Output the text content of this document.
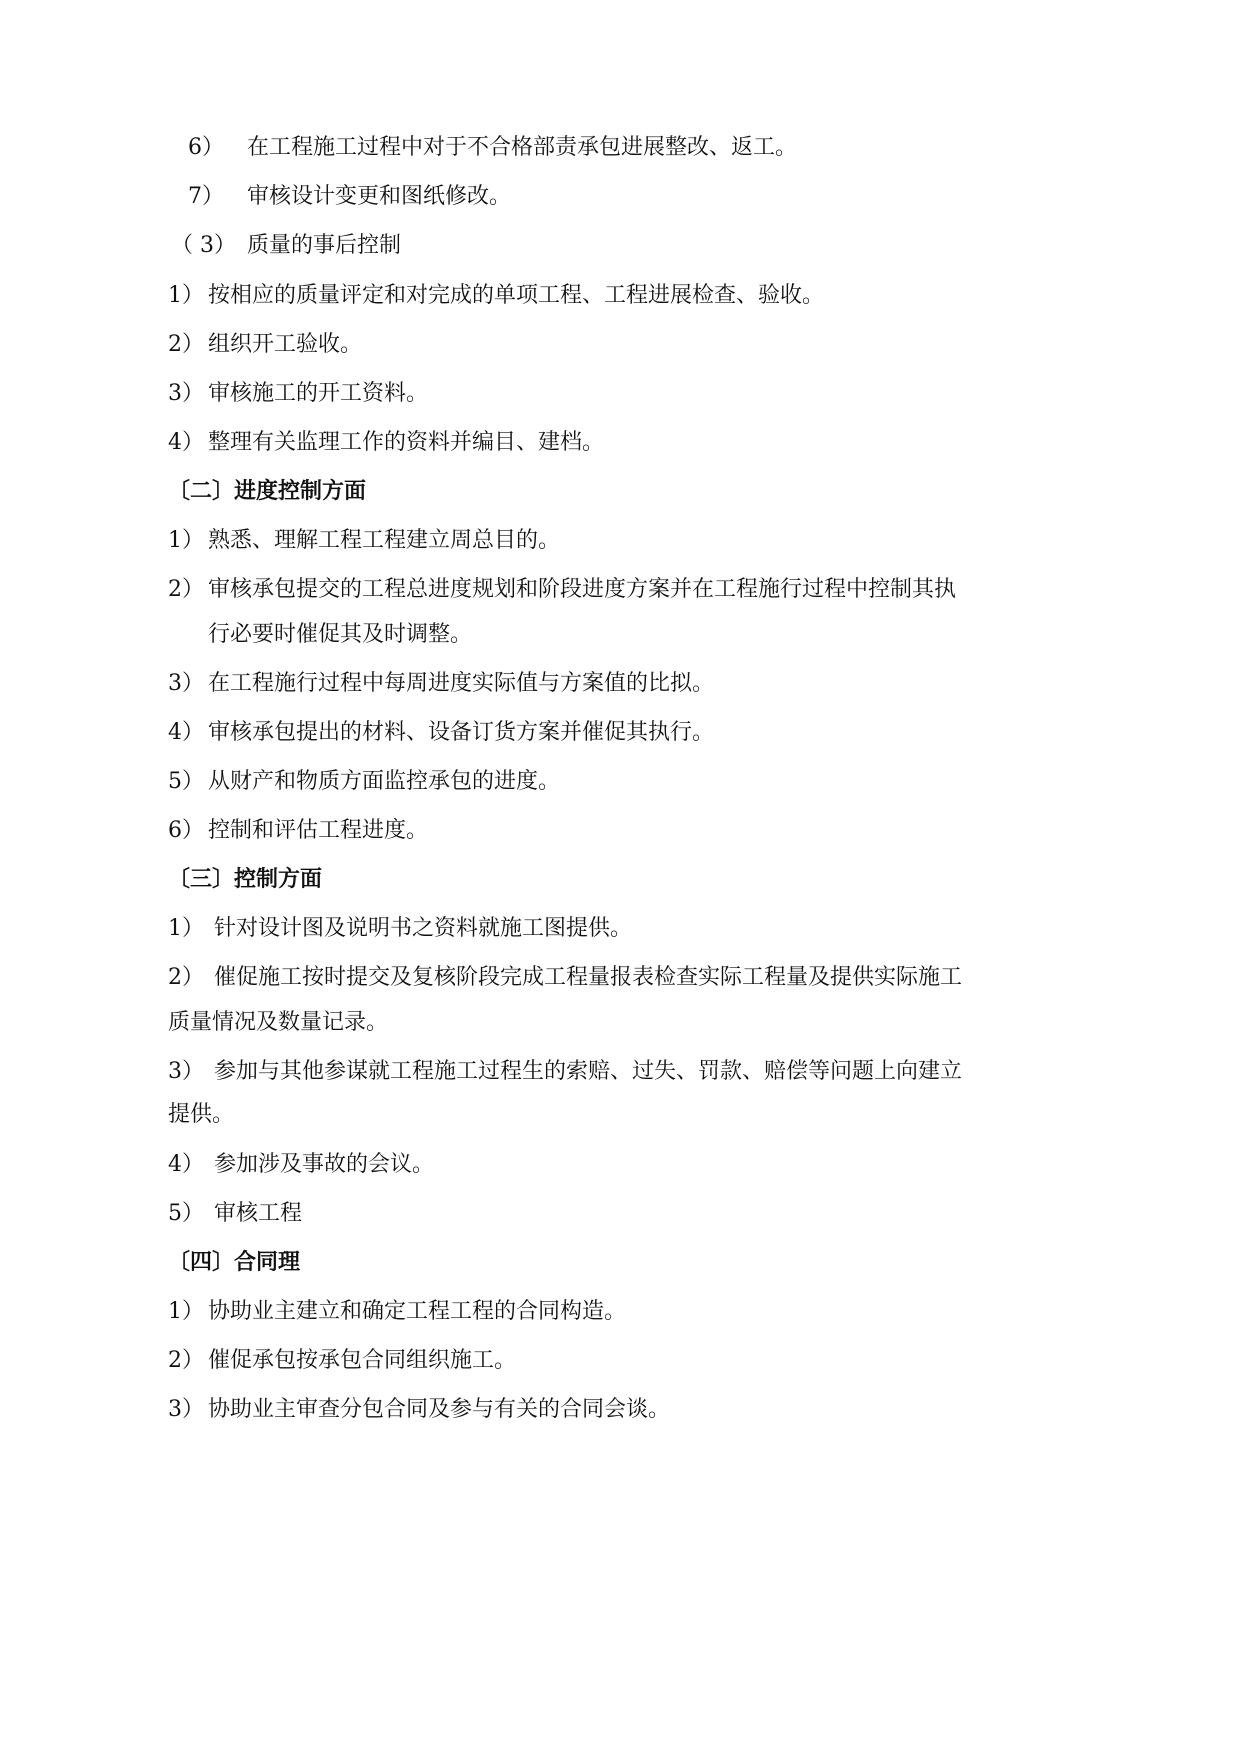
6） 在工程施工过程中对于不合格部责承包进展整改、返工。
7） 审核设计变更和图纸修改。
（ 3） 质量的事后控制
1） 按相应的质量评定和对完成的单项工程、工程进展检查、验收。
2） 组织开工验收。
3） 审核施工的开工资料。
4） 整理有关监理工作的资料并编目、建档。
〔二〕进度控制方面
1） 熟悉、理解工程工程建立周总目的。
2） 审核承包提交的工程总进度规划和阶段进度方案并在工程施行过程中控制其执
行必要时催促其及时调整。
3） 在工程施行过程中每周进度实际值与方案值的比拟。
4） 审核承包提出的材料、设备订货方案并催促其执行。
5） 从财产和物质方面监控承包的进度。
6） 控制和评估工程进度。
〔三〕控制方面
1） 针对设计图及说明书之资料就施工图提供。
2） 催促施工按时提交及复核阶段完成工程量报表检查实际工程量及提供实际施工
质量情况及数量记录。
3） 参加与其他参谋就工程施工过程生的索赔、过失、罚款、赔偿等问题上向建立
提供。
4） 参加涉及事故的会议。
5） 审核工程
〔四〕合同理
1） 协助业主建立和确定工程工程的合同构造。
2） 催促承包按承包合同组织施工。
3） 协助业主审查分包合同及参与有关的合同会谈。
